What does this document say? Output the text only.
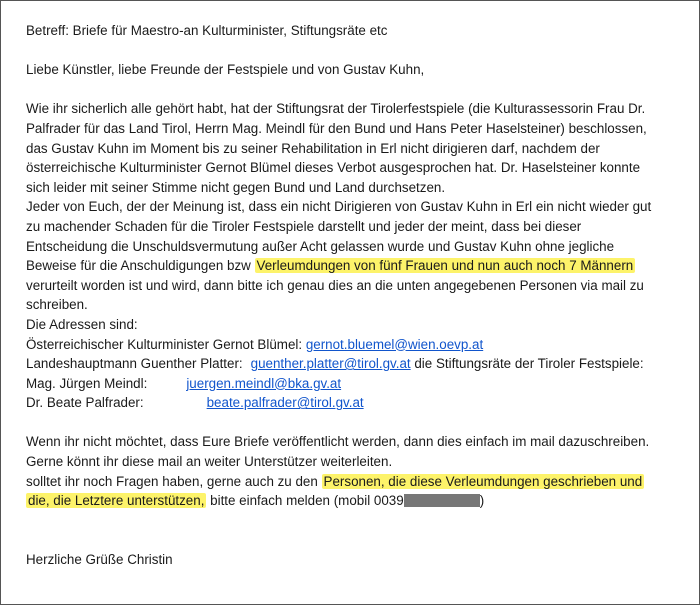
Betreff: Briefe für Maestro-an Kulturminister, Stiftungsräte etc
Liebe Künstler, liebe Freunde der Festspiele und von Gustav Kuhn,
Wie ihr sicherlich alle gehört habt, hat der Stiftungsrat der Tirolerfestspiele (die Kulturassessorin Frau Dr.
Palfrader für das Land Tirol, Herrn Mag. Meindl für den Bund und Hans Peter Haselsteiner) beschlossen,
das Gustav Kuhn im Moment bis zu seiner Rehabilitation in Erl nicht dirigieren darf, nachdem der
österreichische Kulturminister Gernot Blümel dieses Verbot ausgesprochen hat. Dr. Haselsteiner konnte
sich leider mit seiner Stimme nicht gegen Bund und Land durchsetzen.
Jeder von Euch, der der Meinung ist, dass ein nicht Dirigieren von Gustav Kuhn in Erl ein nicht wieder gut
zu machender Schaden für die Tiroler Festspiele darstellt und jeder der meint, dass bei dieser
Entscheidung die Unschuldsvermutung außer Acht gelassen wurde und Gustav Kuhn ohne jegliche
Beweise für die Anschuldigungen bzw Verleumdungen von fünf Frauen und nun auch noch 7 Männern
verurteilt worden ist und wird, dann bitte ich genau dies an die unten angegebenen Personen via mail zu
schreiben.
Die Adressen sind:
Österreichischer Kulturminister Gernot Blümel: gernot.bluemel@wien.oevp.at
Landeshauptmann Guenther Platter: guenther.platter@tirol.gv.at die Stiftungsräte der Tiroler Festspiele:
Mag. Jürgen Meindl:	juergen.meindl@bka.gv.at
Dr. Beate Palfrader:	beate.palfrader@tirol.gv.at
Wenn ihr nicht möchtet, dass Eure Briefe veröffentlicht werden, dann dies einfach im mail dazuschreiben.
Gerne könnt ihr diese mail an weiter Unterstützer weiterleiten.
solltet ihr noch Fragen haben, gerne auch zu den Personen, die diese Verleumdungen geschrieben und
die, die Letztere unterstützen, bitte einfach melden (mobil 0039	)
Herzliche Grüße Christin
